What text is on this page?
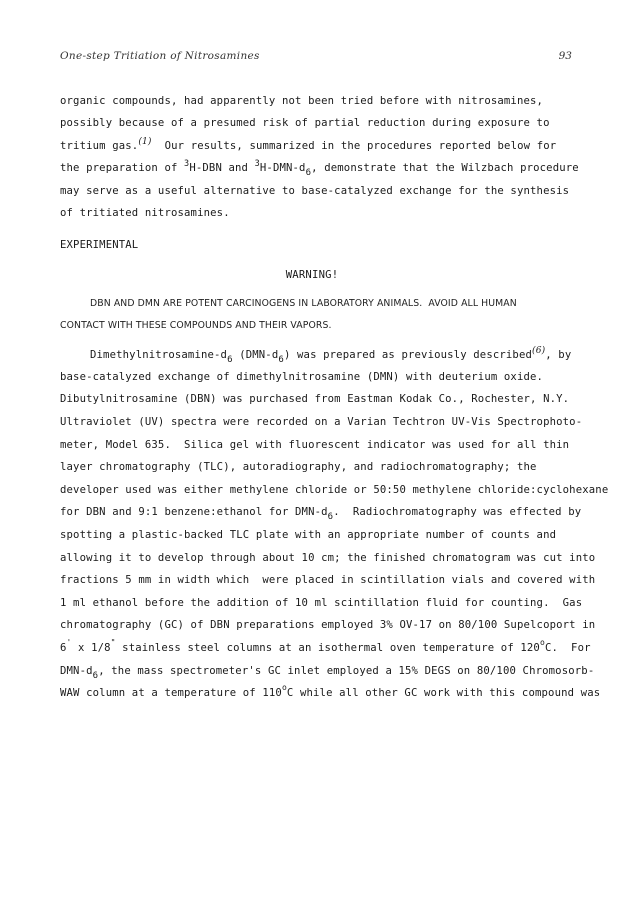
One-step Tritiation of Nitrosamines	93
organic compounds, had apparently not been tried before with nitrosamines,
possibly because of a presumed risk of partial reduction during exposure to
tritium gas.$^{(1)}$  Our results, summarized in the procedures reported below for
the preparation of $^3$H-DBN and $^3H-DMN-d_6$, demonstrate that the Wilzbach procedure
may serve as a useful alternative to base-catalyzed exchange for the synthesis
of tritiated nitrosamines.
EXPERIMENTAL
WARNING!
DBN AND DMN ARE POTENT CARCINOGENS IN LABORATORY ANIMALS.  AVOID ALL HUMAN
CONTACT WITH THESE COMPOUNDS AND THEIR VAPORS.
Dimethylnitrosamine-$d_6$ $(DMN-d_6)$ was prepared as previously described$^{(6)}$, by
base-catalyzed exchange of dimethylnitrosamine (DMN) with deuterium oxide.
Dibutylnitrosamine (DBN) was purchased from Eastman Kodak Co., Rochester, N.Y.
Ultraviolet (UV) spectra were recorded on a Varian Techtron UV-Vis Spectrophoto-
meter, Model 635.  Silica gel with fluorescent indicator was used for all thin
layer chromatography (TLC), autoradiography, and radiochromatography; the
developer used was either methylene chloride or 50:50 methylene chloride:cyclohexane
for DBN and 9:1 benzene:ethanol for DMN-$d_6$.  Radiochromatography was effected by
spotting a plastic-backed TLC plate with an appropriate number of counts and
allowing it to develop through about 10 cm; the finished chromatogram was cut into
fractions 5 mm in width which  were placed in scintillation vials and covered with
1 ml ethanol before the addition of 10 ml scintillation fluid for counting.  Gas
chromatography (GC) of DBN preparations employed 3% OV-17 on 80/100 Supelcoport in
6' x 1/8" stainless steel columns at an isothermal oven temperature of 120$^o$C.  For
DMN-$d_6$, the mass spectrometer's GC inlet employed a 15% DEGS on 80/100 Chromosorb-
WAW column at a temperature of 110$^o$C while all other GC work with this compound was
